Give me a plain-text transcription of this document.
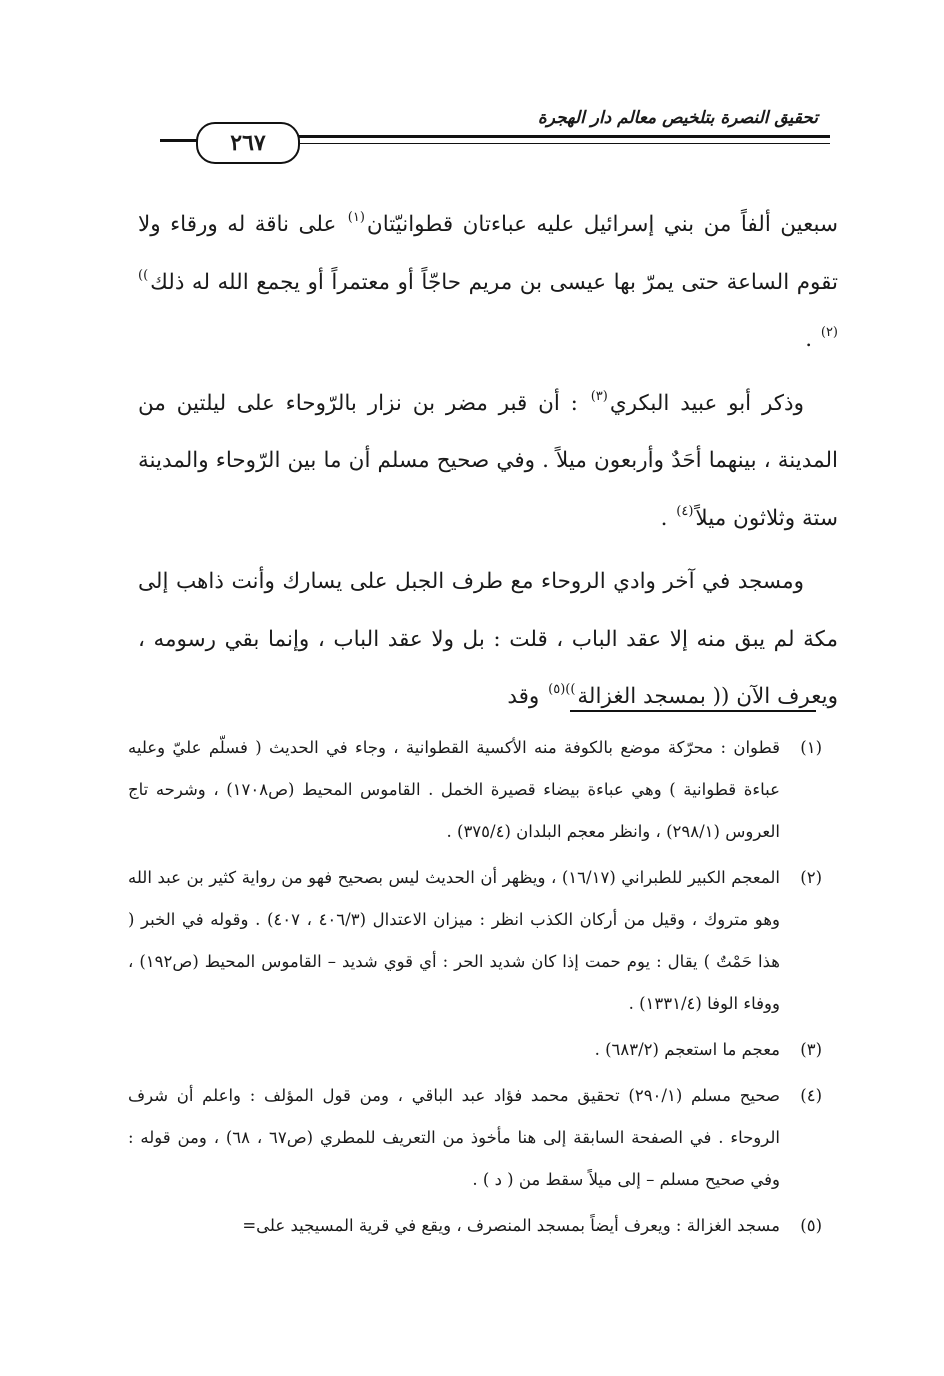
تحقيق النصرة بتلخيص معالم دار الهجرة
٢٦٧

سبعين ألفاً من بني إسرائيل عليه عباءتان قطوانيّتان$^{(١)}$ على ناقة له ورقاء ولا تقوم الساعة حتى يمرّ بها عيسى بن مريم حاجّاً أو معتمراً أو يجمع الله له ذلك$^{))(٢)}$ .

وذكر أبو عبيد البكري$^{(٣)}$ : أن قبر مضر بن نزار بالرّوحاء على ليلتين من المدينة ، بينهما أحَدٌ وأربعون ميلاً . وفي صحيح مسلم أن ما بين الرّوحاء والمدينة ستة وثلاثون ميلاً$^{(٤)}$ .

ومسجد في آخر وادي الروحاء مع طرف الجبل على يسارك وأنت ذاهب إلى مكة لم يبق منه إلا عقد الباب ، قلت : بل ولا عقد الباب ، وإنما بقي رسومه ، ويعرف الآن (( بمسجد الغزالة$^{))(٥)}$ وقد

(١)
قطوان : محرّكة موضع بالكوفة منه الأكسية القطوانية ، وجاء في الحديث ( فسلّم عليّ وعليه عباءة قطوانية ) وهي عباءة بيضاء قصيرة الخمل . القاموس المحيط (ص١٧٠٨) ، وشرحه تاج العروس (٢٩٨/١) ، وانظر معجم البلدان (٣٧٥/٤) .
(٢)
المعجم الكبير للطبراني (١٦/١٧) ، ويظهر أن الحديث ليس بصحيح فهو من رواية كثير بن عبد الله وهو متروك ، وقيل من أركان الكذب انظر : ميزان الاعتدال (٤٠٦/٣ ، ٤٠٧) . وقوله في الخبر ( هذا حَمْتٌ ) يقال : يوم حمت إذا كان شديد الحر : أي قوي شديد – القاموس المحيط (ص١٩٢) ، ووفاء الوفا (١٣٣١/٤) .
(٣)
معجم ما استعجم (٦٨٣/٢) .
(٤)
صحيح مسلم (٢٩٠/١) تحقيق محمد فؤاد عبد الباقي ، ومن قول المؤلف : واعلم أن شرف الروحاء . في الصفحة السابقة إلى هنا مأخوذ من التعريف للمطري (ص٦٧ ، ٦٨) ، ومن قوله : وفي صحيح مسلم – إلى ميلاً سقط من ( د ) .
(٥)
مسجد الغزالة : ويعرف أيضاً بمسجد المنصرف ، ويقع في قرية المسيجيد على=
